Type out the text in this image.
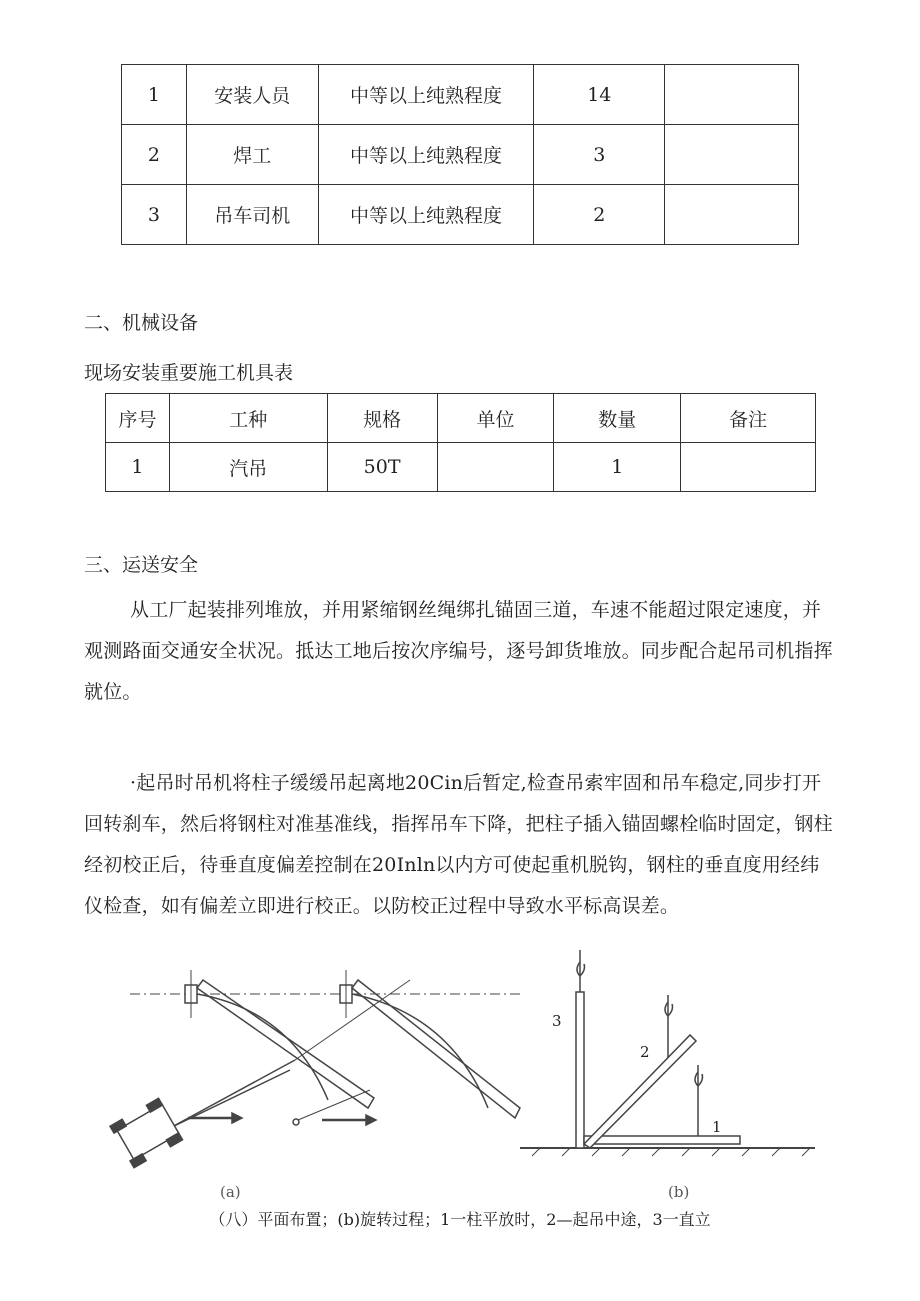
1	安装人员	中等以上纯熟程度	14	
2	焊工	中等以上纯熟程度	3	
3	吊车司机	中等以上纯熟程度	2	
二、机械设备

现场安装重要施工机具表

序号	工种	规格	单位	数量	备注
1	汽吊	50T		1	
三、运送安全

从工厂起装排列堆放，并用紧缩钢丝绳绑扎锚固三道，车速不能超过限定速度，并观测路面交通安全状况。抵达工地后按次序编号，逐号卸货堆放。同步配合起吊司机指挥就位。

·起吊时吊机将柱子缓缓吊起离地20Cin后暂定,检查吊索牢固和吊车稳定,同步打开回转刹车，然后将钢柱对准基准线，指挥吊车下降，把柱子插入锚固螺栓临时固定，钢柱经初校正后，待垂直度偏差控制在20Inln以内方可使起重机脱钩，钢柱的垂直度用经纬仪检查，如有偏差立即进行校正。以防校正过程中导致水平标高误差。

3
2
1
(a)	(b)

（八）平面布置；(b)旋转过程；1一柱平放时，2—起吊中途，3一直立
